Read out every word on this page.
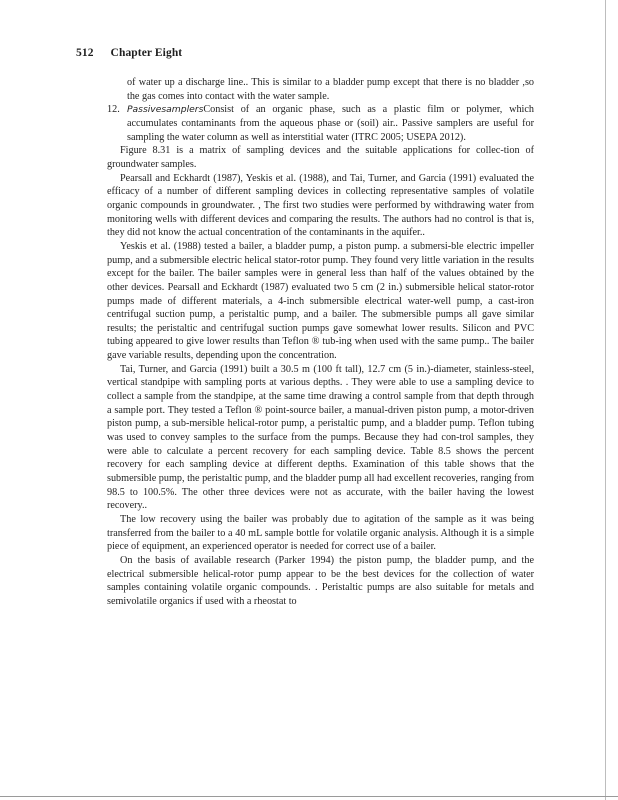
512 Chapter Eight

of water up a discharge line.. This is similar to a bladder pump except that there is no bladder ,so the gas comes into contact with the water sample.

12. PassivesamplersConsist of an organic phase, such as a plastic film or polymer, which accumulates contaminants from the aqueous phase or (soil) air.. Passive samplers are useful for sampling the water column as well as interstitial water (ITRC 2005; USEPA 2012).

Figure 8.31 is a matrix of sampling devices and the suitable applications for collec-tion of groundwater samples.

Pearsall and Eckhardt (1987), Yeskis et al. (1988), and Tai, Turner, and Garcia (1991) evaluated the efficacy of a number of different sampling devices in collecting representative samples of volatile organic compounds in groundwater. , The first two studies were performed by withdrawing water from monitoring wells with different devices and comparing the results. The authors had no control is that is, they did not know the actual concentration of the contaminants in the aquifer..

Yeskis et al. (1988) tested a bailer, a bladder pump, a piston pump. a submersi-ble electric impeller pump, and a submersible electric helical stator-rotor pump. They found very little variation in the results except for the bailer. The bailer samples were in general less than half of the values obtained by the other devices. Pearsall and Eckhardt (1987) evaluated two 5 cm (2 in.) submersible helical stator-rotor pumps made of different materials, a 4-inch submersible electrical water-well pump, a cast-iron centrifugal suction pump, a peristaltic pump, and a bailer. The submersible pumps all gave similar results; the peristaltic and centrifugal suction pumps gave somewhat lower results. Silicon and PVC tubing appeared to give lower results than Teflon ® tub-ing when used with the same pump.. The bailer gave variable results, depending upon the concentration.

Tai, Turner, and Garcia (1991) built a 30.5 m (100 ft tall), 12.7 cm (5 in.)-diameter, stainless-steel, vertical standpipe with sampling ports at various depths. . They were able to use a sampling device to collect a sample from the standpipe, at the same time drawing a control sample from that depth through a sample port. They tested a Teflon ® point-source bailer, a manual-driven piston pump, a motor-driven piston pump, a sub-mersible helical-rotor pump, a peristaltic pump, and a bladder pump. Teflon tubing was used to convey samples to the surface from the pumps. Because they had con-trol samples, they were able to calculate a percent recovery for each sampling device. Table 8.5 shows the percent recovery for each sampling device at different depths. Examination of this table shows that the submersible pump, the peristaltic pump, and the bladder pump all had excellent recoveries, ranging from 98.5 to 100.5%. The other three devices were not as accurate, with the bailer having the lowest recovery..

The low recovery using the bailer was probably due to agitation of the sample as it was being transferred from the bailer to a 40 mL sample bottle for volatile organic analysis. Although it is a simple piece of equipment, an experienced operator is needed for correct use of a bailer.

On the basis of available research (Parker 1994) the piston pump, the bladder pump, and the electrical submersible helical-rotor pump appear to be the best devices for the collection of water samples containing volatile organic compounds. . Peristaltic pumps are also suitable for metals and semivolatile organics if used with a rheostat to
